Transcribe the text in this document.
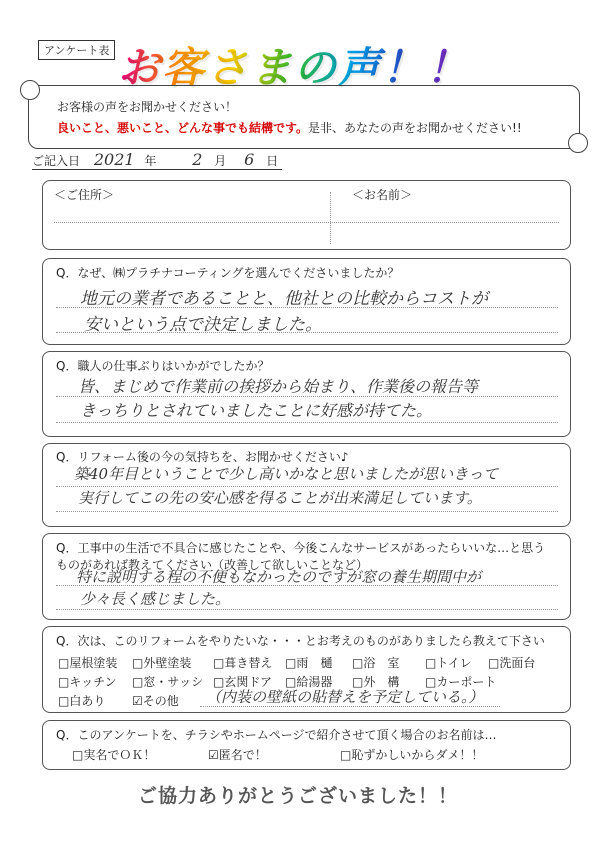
アンケート表 お客さまの声！！
お客様の声をお聞かせください！
良いこと、悪いこと、どんな事でも結構です。是非、あなたの声をお聞かせください!!
ご記入日 2021 年 2 月 6 日
＜ご住所＞	＜お名前＞
Q．なぜ、㈱プラチナコーティングを選んでくださいましたか？
地元の業者であることと、他社との比較からコストが
安いという点で決定しました。
Q．職人の仕事ぶりはいかがでしたか？
皆、まじめで作業前の挨拶から始まり、作業後の報告等
きっちりとされていましたことに好感が持てた。
Q．リフォーム後の今の気持ちを、お聞かせください♪
築40年目ということで少し高いかなと思いましたが思いきって
実行してこの先の安心感を得ることが出来満足しています。
Q．工事中の生活で不具合に感じたことや、今後こんなサービスがあったらいいな…と思う
ものがあれば教えてください（改善して欲しいことなど）
特に説明する程の不便もなかったのですが窓の養生期間中が
少々長く感じました。
Q．次は、このリフォームをやりたいな・・・とお考えのものがありましたら教えて下さい
□屋根塗装 □外壁塗装 □葺き替え □雨　樋 □浴　室 □トイレ □洗面台
□キッチン □窓・サッシ □玄関ドア □給湯器 □外　構 □カーポート
□白あり ☑その他 （内装の壁紙の貼替えを予定している。）
Q．このアンケートを、チラシやホームページで紹介させて頂く場合のお名前は…
□実名でＯＫ！	☑匿名で！	□恥ずかしいからダメ！！
ご協力ありがとうございました！！
